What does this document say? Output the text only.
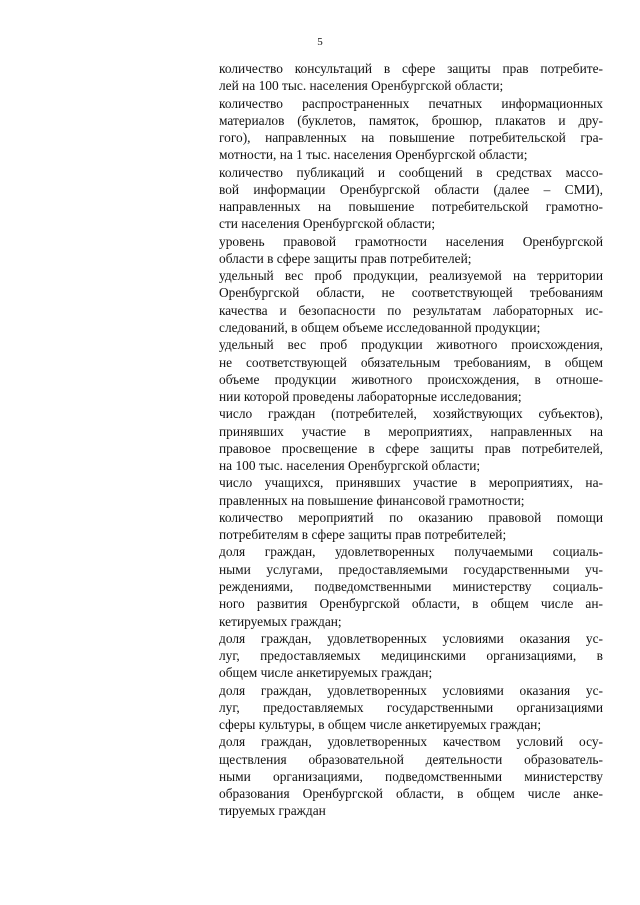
5
количество консультаций в сфере защиты прав потребите-
лей на 100 тыс. населения Оренбургской области;
количество распространенных печатных информационных
материалов (буклетов, памяток, брошюр, плакатов и дру-
гого), направленных на повышение потребительской гра-
мотности, на 1 тыс. населения Оренбургской области;
количество публикаций и сообщений в средствах массо-
вой информации Оренбургской области (далее – СМИ),
направленных на повышение потребительской грамотно-
сти населения Оренбургской области;
уровень правовой грамотности населения Оренбургской
области в сфере защиты прав потребителей;
удельный вес проб продукции, реализуемой на территории
Оренбургской области, не соответствующей требованиям
качества и безопасности по результатам лабораторных ис-
следований, в общем объеме исследованной продукции;
удельный вес проб продукции животного происхождения,
не соответствующей обязательным требованиям, в общем
объеме продукции животного происхождения, в отноше-
нии которой проведены лабораторные исследования;
число граждан (потребителей, хозяйствующих субъектов),
принявших участие в мероприятиях, направленных на
правовое просвещение в сфере защиты прав потребителей,
на 100 тыс. населения Оренбургской области;
число учащихся, принявших участие в мероприятиях, на-
правленных на повышение финансовой грамотности;
количество мероприятий по оказанию правовой помощи
потребителям в сфере защиты прав потребителей;
доля граждан, удовлетворенных получаемыми социаль-
ными услугами, предоставляемыми государственными уч-
реждениями, подведомственными министерству социаль-
ного развития Оренбургской области, в общем числе ан-
кетируемых граждан;
доля граждан, удовлетворенных условиями оказания ус-
луг, предоставляемых медицинскими организациями, в
общем числе анкетируемых граждан;
доля граждан, удовлетворенных условиями оказания ус-
луг, предоставляемых государственными организациями
сферы культуры, в общем числе анкетируемых граждан;
доля граждан, удовлетворенных качеством условий осу-
ществления образовательной деятельности образователь-
ными организациями, подведомственными министерству
образования Оренбургской области, в общем числе анке-
тируемых граждан
